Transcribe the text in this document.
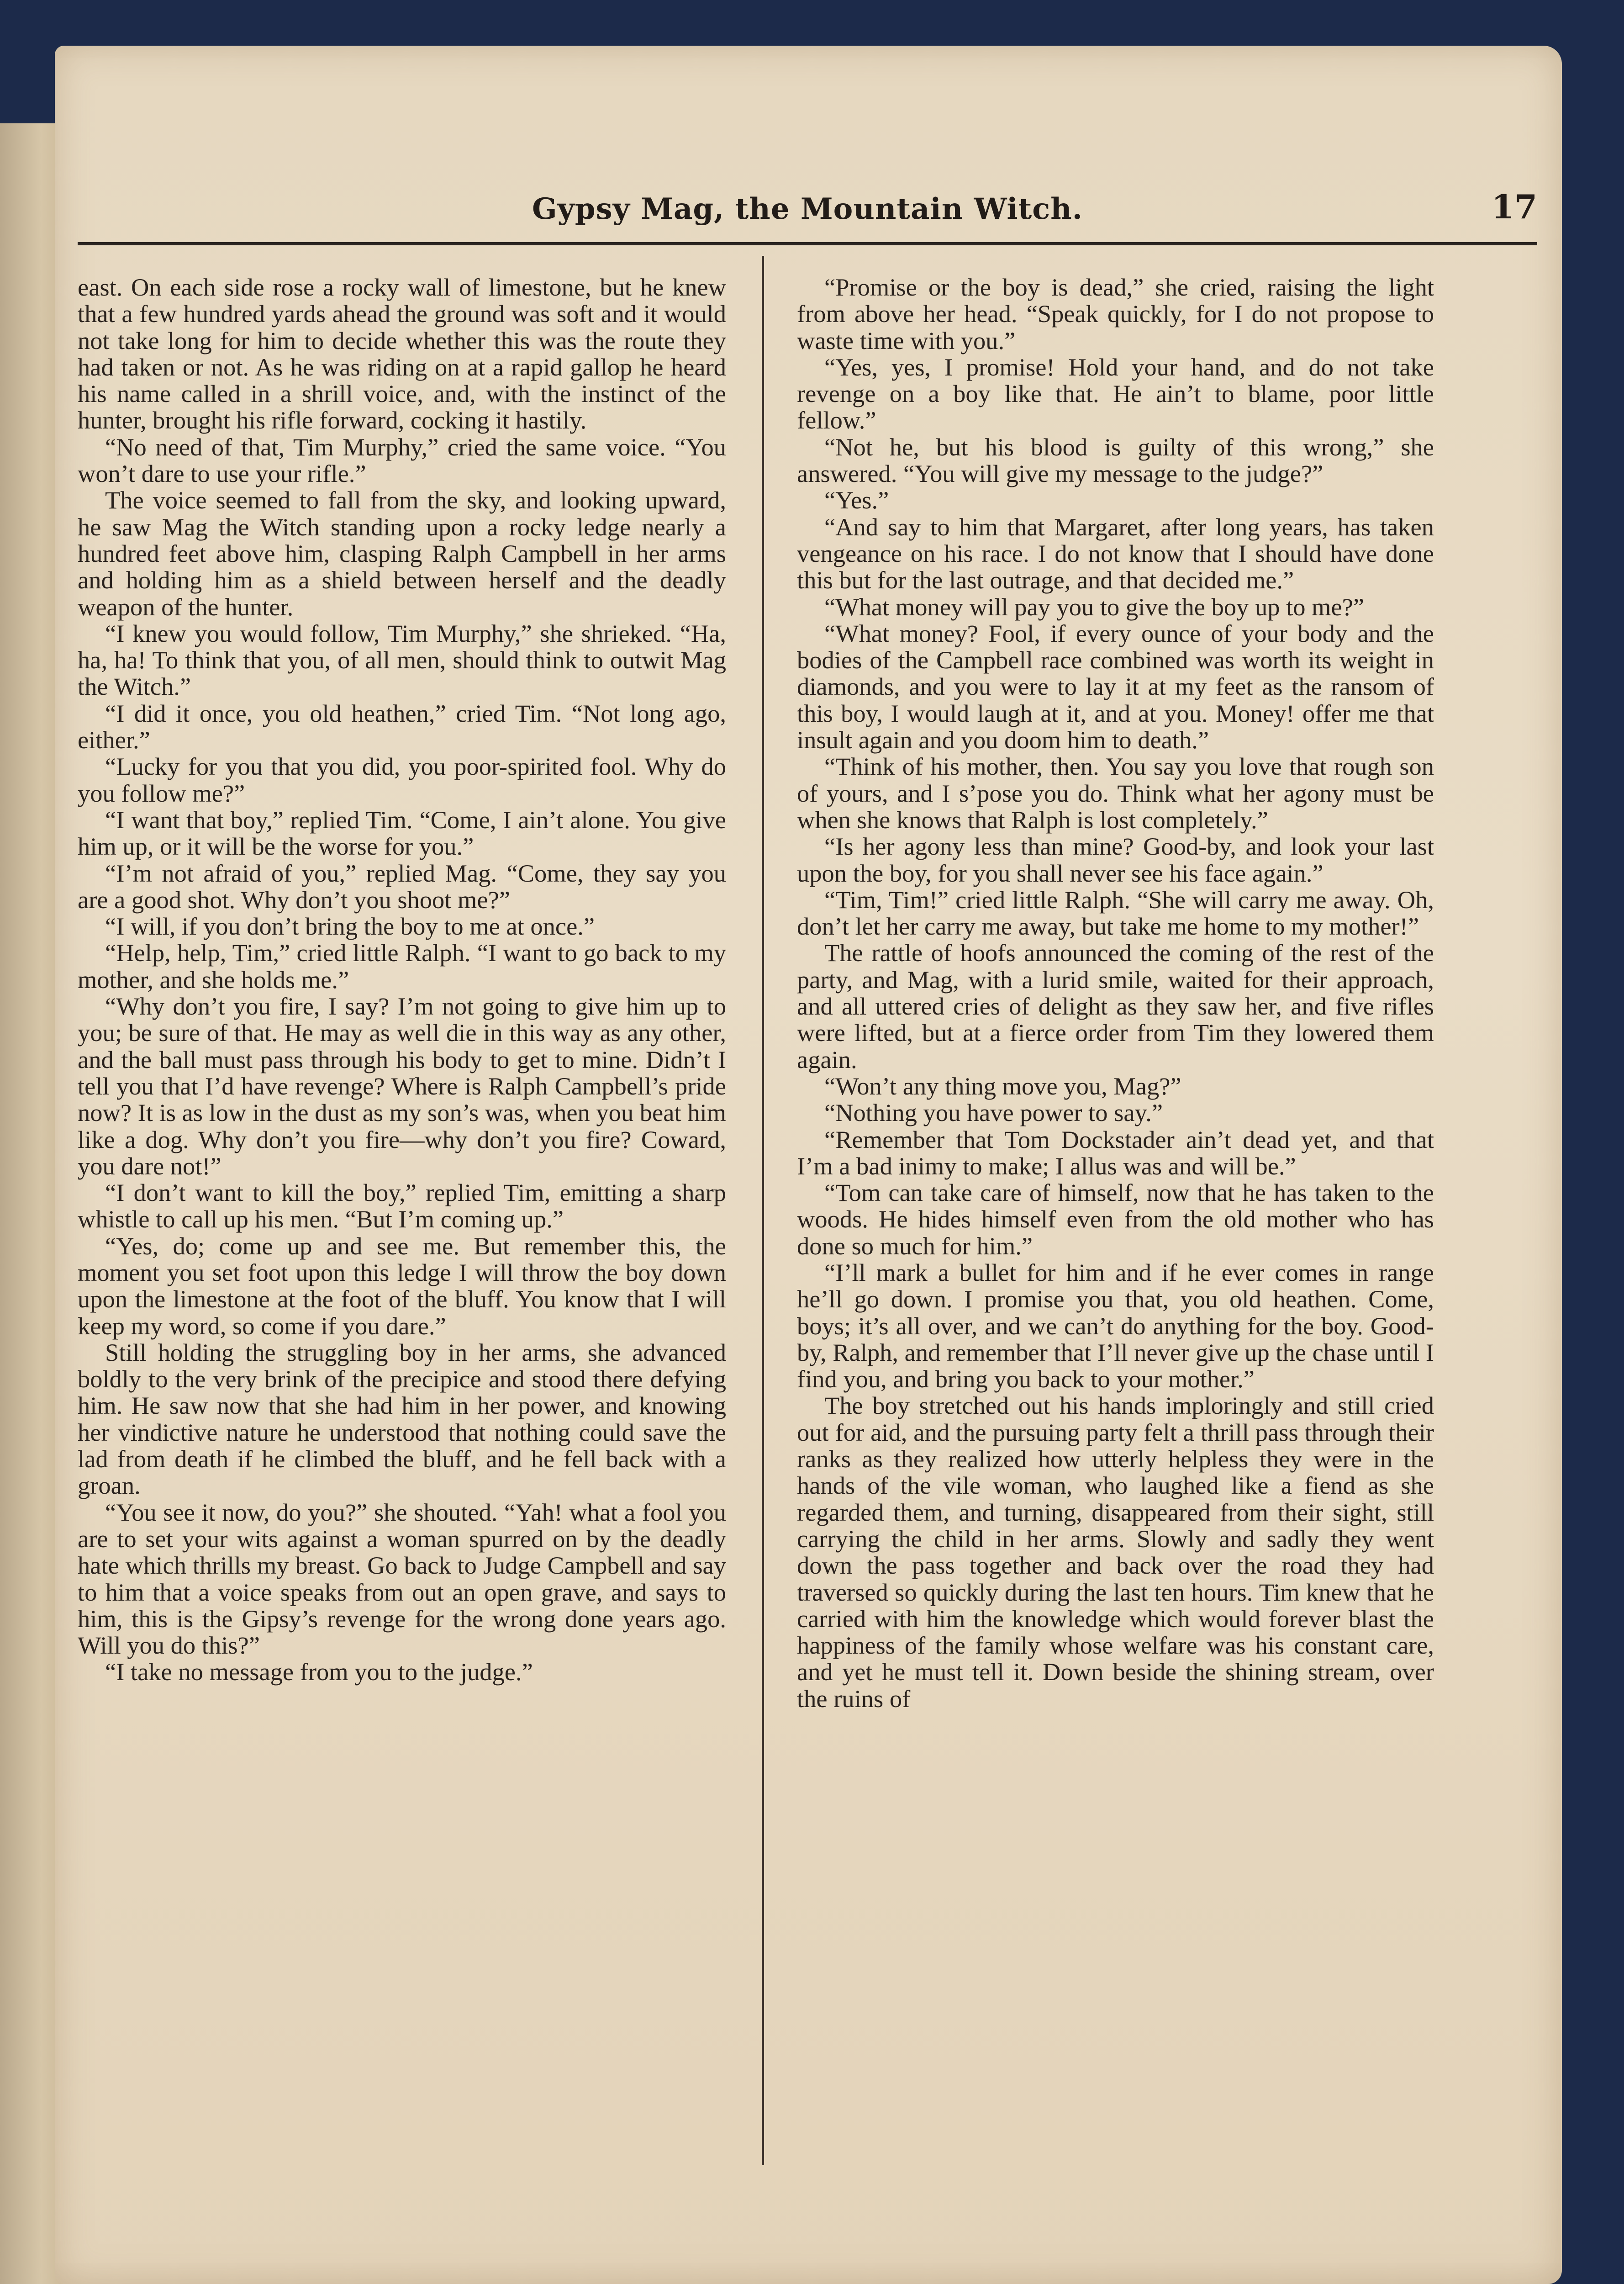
Gypsy Mag, the Mountain Witch.	17

east. On each side rose a rocky wall of limestone, but he knew that a few hundred yards ahead the ground was soft and it would not take long for him to decide whether this was the route they had taken or not. As he was riding on at a rapid gallop he heard his name called in a shrill voice, and, with the instinct of the hunter, brought his rifle forward, cocking it hastily.

“No need of that, Tim Murphy,” cried the same voice. “You won’t dare to use your rifle.”

The voice seemed to fall from the sky, and looking upward, he saw Mag the Witch standing upon a rocky ledge nearly a hundred feet above him, clasping Ralph Campbell in her arms and holding him as a shield between herself and the deadly weapon of the hunter.

“I knew you would follow, Tim Murphy,” she shrieked. “Ha, ha, ha! To think that you, of all men, should think to outwit Mag the Witch.”

“I did it once, you old heathen,” cried Tim. “Not long ago, either.”

“Lucky for you that you did, you poor-spirited fool. Why do you follow me?”

“I want that boy,” replied Tim. “Come, I ain’t alone. You give him up, or it will be the worse for you.”

“I’m not afraid of you,” replied Mag. “Come, they say you are a good shot. Why don’t you shoot me?”

“I will, if you don’t bring the boy to me at once.”

“Help, help, Tim,” cried little Ralph. “I want to go back to my mother, and she holds me.”

“Why don’t you fire, I say? I’m not going to give him up to you; be sure of that. He may as well die in this way as any other, and the ball must pass through his body to get to mine. Didn’t I tell you that I’d have revenge? Where is Ralph Campbell’s pride now? It is as low in the dust as my son’s was, when you beat him like a dog. Why don’t you fire—why don’t you fire? Coward, you dare not!”

“I don’t want to kill the boy,” replied Tim, emitting a sharp whistle to call up his men. “But I’m coming up.”

“Yes, do; come up and see me. But remember this, the moment you set foot upon this ledge I will throw the boy down upon the limestone at the foot of the bluff. You know that I will keep my word, so come if you dare.”

Still holding the struggling boy in her arms, she advanced boldly to the very brink of the precipice and stood there defying him. He saw now that she had him in her power, and knowing her vindictive nature he understood that nothing could save the lad from death if he climbed the bluff, and he fell back with a groan.

“You see it now, do you?” she shouted. “Yah! what a fool you are to set your wits against a woman spurred on by the deadly hate which thrills my breast. Go back to Judge Campbell and say to him that a voice speaks from out an open grave, and says to him, this is the Gipsy’s revenge for the wrong done years ago. Will you do this?”

“I take no message from you to the judge.”

“Promise or the boy is dead,” she cried, raising the light from above her head. “Speak quickly, for I do not propose to waste time with you.”

“Yes, yes, I promise! Hold your hand, and do not take revenge on a boy like that. He ain’t to blame, poor little fellow.”

“Not he, but his blood is guilty of this wrong,” she answered. “You will give my message to the judge?”

“Yes.”

“And say to him that Margaret, after long years, has taken vengeance on his race. I do not know that I should have done this but for the last outrage, and that decided me.”

“What money will pay you to give the boy up to me?”

“What money? Fool, if every ounce of your body and the bodies of the Campbell race combined was worth its weight in diamonds, and you were to lay it at my feet as the ransom of this boy, I would laugh at it, and at you. Money! offer me that insult again and you doom him to death.”

“Think of his mother, then. You say you love that rough son of yours, and I s’pose you do. Think what her agony must be when she knows that Ralph is lost completely.”

“Is her agony less than mine? Good-by, and look your last upon the boy, for you shall never see his face again.”

“Tim, Tim!” cried little Ralph. “She will carry me away. Oh, don’t let her carry me away, but take me home to my mother!”

The rattle of hoofs announced the coming of the rest of the party, and Mag, with a lurid smile, waited for their approach, and all uttered cries of delight as they saw her, and five rifles were lifted, but at a fierce order from Tim they lowered them again.

“Won’t any thing move you, Mag?”

“Nothing you have power to say.”

“Remember that Tom Dockstader ain’t dead yet, and that I’m a bad inimy to make; I allus was and will be.”

“Tom can take care of himself, now that he has taken to the woods. He hides himself even from the old mother who has done so much for him.”

“I’ll mark a bullet for him and if he ever comes in range he’ll go down. I promise you that, you old heathen. Come, boys; it’s all over, and we can’t do anything for the boy. Good-by, Ralph, and remember that I’ll never give up the chase until I find you, and bring you back to your mother.”

The boy stretched out his hands imploringly and still cried out for aid, and the pursuing party felt a thrill pass through their ranks as they realized how utterly helpless they were in the hands of the vile woman, who laughed like a fiend as she regarded them, and turning, disappeared from their sight, still carrying the child in her arms. Slowly and sadly they went down the pass together and back over the road they had traversed so quickly during the last ten hours. Tim knew that he carried with him the knowledge which would forever blast the happiness of the family whose welfare was his constant care, and yet he must tell it. Down beside the shining stream, over the ruins of
